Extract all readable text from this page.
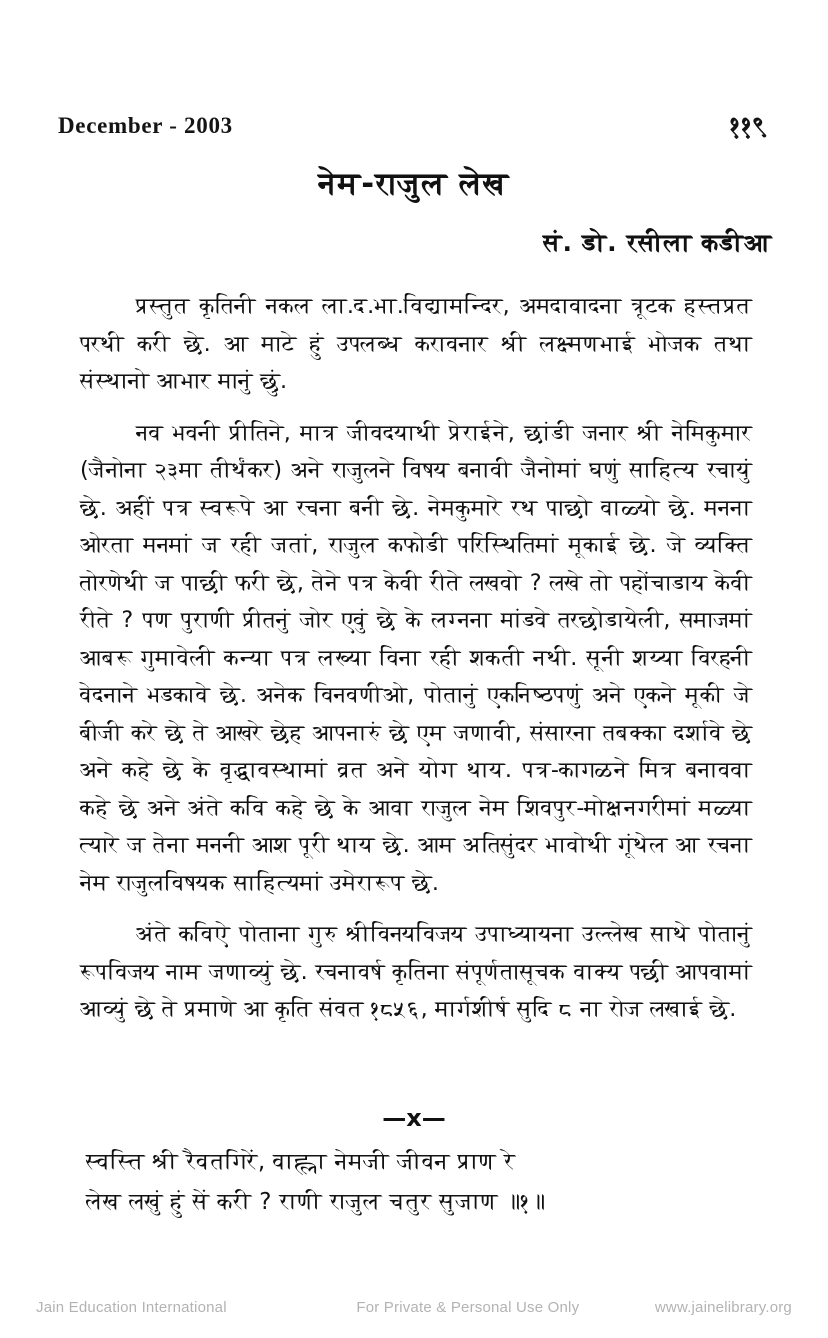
December - 2003	११९
नेम-राजुल लेख
सं. डो. रसीला कडीआ

प्रस्तुत कृतिनी नकल ला.द.भा.विद्यामन्दिर, अमदावादना त्रूटक हस्तप्रत परथी करी छे. आ माटे हुं उपलब्ध करावनार श्री लक्ष्मणभाई भोजक तथा संस्थानो आभार मानुं छुं.

नव भवनी प्रीतिने, मात्र जीवदयाथी प्रेराईने, छांडी जनार श्री नेमिकुमार (जैनोना २३मा तीर्थंकर) अने राजुलने विषय बनावी जैनोमां घणुं साहित्य रचायुं छे. अहीं पत्र स्वरूपे आ रचना बनी छे. नेमकुमारे रथ पाछो वाळ्यो छे. मनना ओरता मनमां ज रही जतां, राजुल कफोडी परिस्थितिमां मूकाई छे. जे व्यक्ति तोरणेथी ज पाछी फरी छे, तेने पत्र केवी रीते लखवो ? लखे तो पहोंचाडाय केवी रीते ? पण पुराणी प्रीतनुं जोर एवुं छे के लग्नना मांडवे तरछोडायेली, समाजमां आबरू गुमावेली कन्या पत्र लख्या विना रही शकती नथी. सूनी शय्या विरहनी वेदनाने भडकावे छे. अनेक विनवणीओ, पोतानुं एकनिष्ठपणुं अने एकने मूकी जे बीजी करे छे ते आखरे छेह आपनारुं छे एम जणावी, संसारना तबक्का दर्शावे छे अने कहे छे के वृद्धावस्थामां व्रत अने योग थाय. पत्र-कागळने मित्र बनाववा कहे छे अने अंते कवि कहे छे के आवा राजुल नेम शिवपुर-मोक्षनगरीमां मळ्या त्यारे ज तेना मननी आश पूरी थाय छे. आम अतिसुंदर भावोथी गूंथेल आ रचना नेम राजुलविषयक साहित्यमां उमेरारूप छे.

अंते कविऐ पोताना गुरु श्रीविनयविजय उपाध्यायना उल्लेख साथे पोतानुं रूपविजय नाम जणाव्युं छे. रचनावर्ष कृतिना संपूर्णतासूचक वाक्य पछी आपवामां आव्युं छे ते प्रमाणे आ कृति संवत १८५६, मार्गशीर्ष सुदि ८ ना रोज लखाई छे.

—x—
स्वस्ति श्री रैवतगिरें, वाह्ला नेमजी जीवन प्राण रे
लेख लखुं हुं सें करी ? राणी राजुल चतुर सुजाण ॥१॥
Jain Education International	For Private & Personal Use Only	www.jainelibrary.org
